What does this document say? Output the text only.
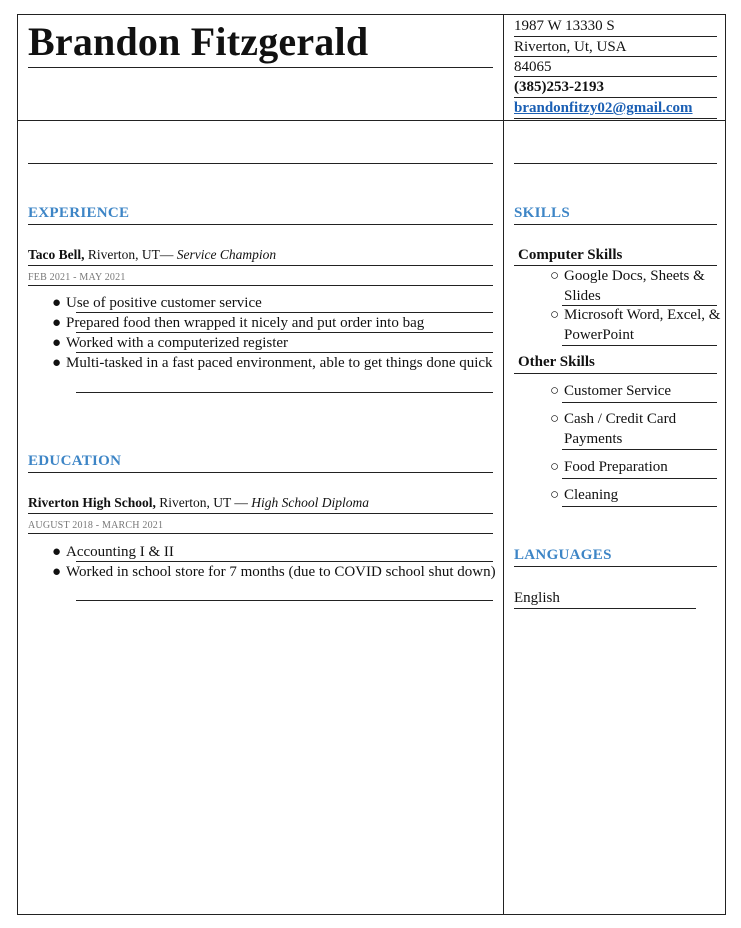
Brandon Fitzgerald	1987 W 13330 S
Riverton, Ut, USA
84065
(385)253-2193
brandonfitzy02@gmail.com
EXPERIENCE
Taco Bell, Riverton, UT— Service Champion
FEB 2021 - MAY 2021
● Use of positive customer service
● Prepared food then wrapped it nicely and put order into bag
● Worked with a computerized register
● Multi-tasked in a fast paced environment, able to get things done quick
EDUCATION
Riverton High School, Riverton, UT — High School Diploma
AUGUST 2018 - MARCH 2021
● Accounting I & II
● Worked in school store for 7 months (due to COVID school shut down)
SKILLS
Computer Skills
○ Google Docs, Sheets & Slides
○ Microsoft Word, Excel, & PowerPoint
Other Skills
○ Customer Service
○ Cash / Credit Card Payments
○ Food Preparation
○ Cleaning
LANGUAGES
English
